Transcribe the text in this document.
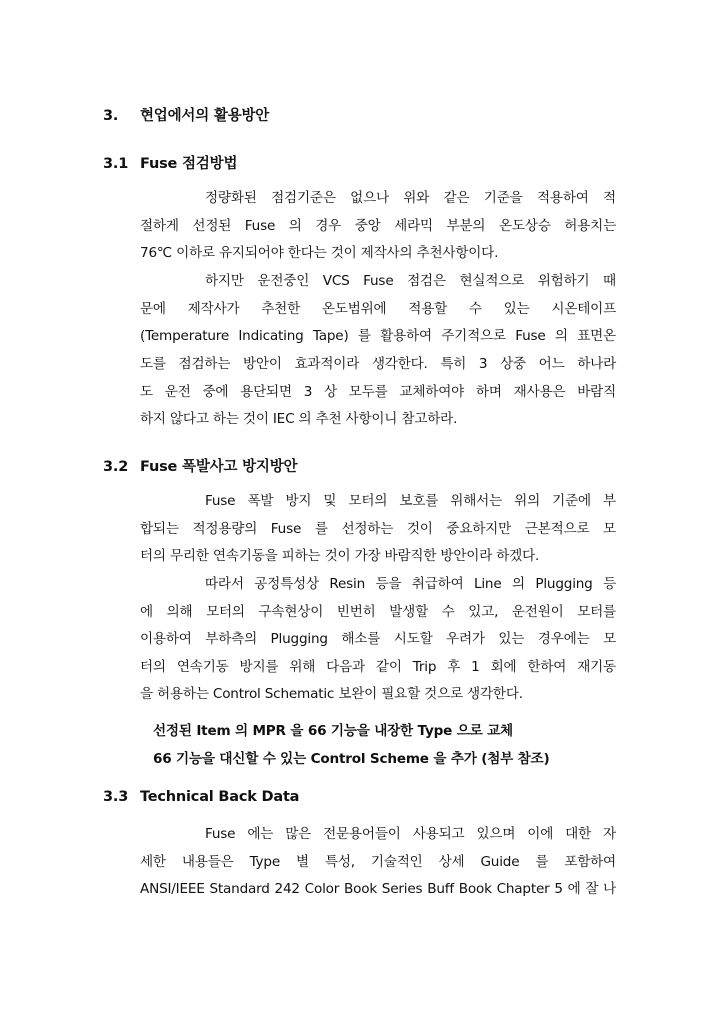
3. 현업에서의 활용방안
3.1 Fuse 점검방법
정량화된 점검기준은 없으나 위와 같은 기준을 적용하여 적
절하게 선정된 Fuse 의 경우 중앙 세라믹 부분의 온도상승 허용치는
76℃ 이하로 유지되어야 한다는 것이 제작사의 추천사항이다.
하지만 운전중인 VCS Fuse 점검은 현실적으로 위험하기 때
문에 제작사가 추천한 온도범위에 적용할 수 있는 시온테이프
(Temperature Indicating Tape) 를 활용하여 주기적으로 Fuse 의 표면온
도를 점검하는 방안이 효과적이라 생각한다. 특히 3 상중 어느 하나라
도 운전 중에 용단되면 3 상 모두를 교체하여야 하며 재사용은 바람직
하지 않다고 하는 것이 IEC 의 추천 사항이니 참고하라.
3.2 Fuse 폭발사고 방지방안
Fuse 폭발 방지 및 모터의 보호를 위해서는 위의 기준에 부
합되는 적정용량의 Fuse 를 선정하는 것이 중요하지만 근본적으로 모
터의 무리한 연속기동을 피하는 것이 가장 바람직한 방안이라 하겠다.
따라서 공정특성상 Resin 등을 취급하여 Line 의 Plugging 등
에 의해 모터의 구속현상이 빈번히 발생할 수 있고, 운전원이 모터를
이용하여 부하측의 Plugging 해소를 시도할 우려가 있는 경우에는 모
터의 연속기동 방지를 위해 다음과 같이 Trip 후 1 회에 한하여 재기동
을 허용하는 Control Schematic 보완이 필요할 것으로 생각한다.
선정된 Item 의 MPR 을 66 기능을 내장한 Type 으로 교체
66 기능을 대신할 수 있는 Control Scheme 을 추가 (첨부 참조)
3.3 Technical Back Data
Fuse 에는 많은 전문용어들이 사용되고 있으며 이에 대한 자
세한 내용들은 Type 별 특성, 기술적인 상세 Guide 를 포함하여
ANSI/IEEE Standard 242 Color Book Series Buff Book Chapter 5 에 잘 나
